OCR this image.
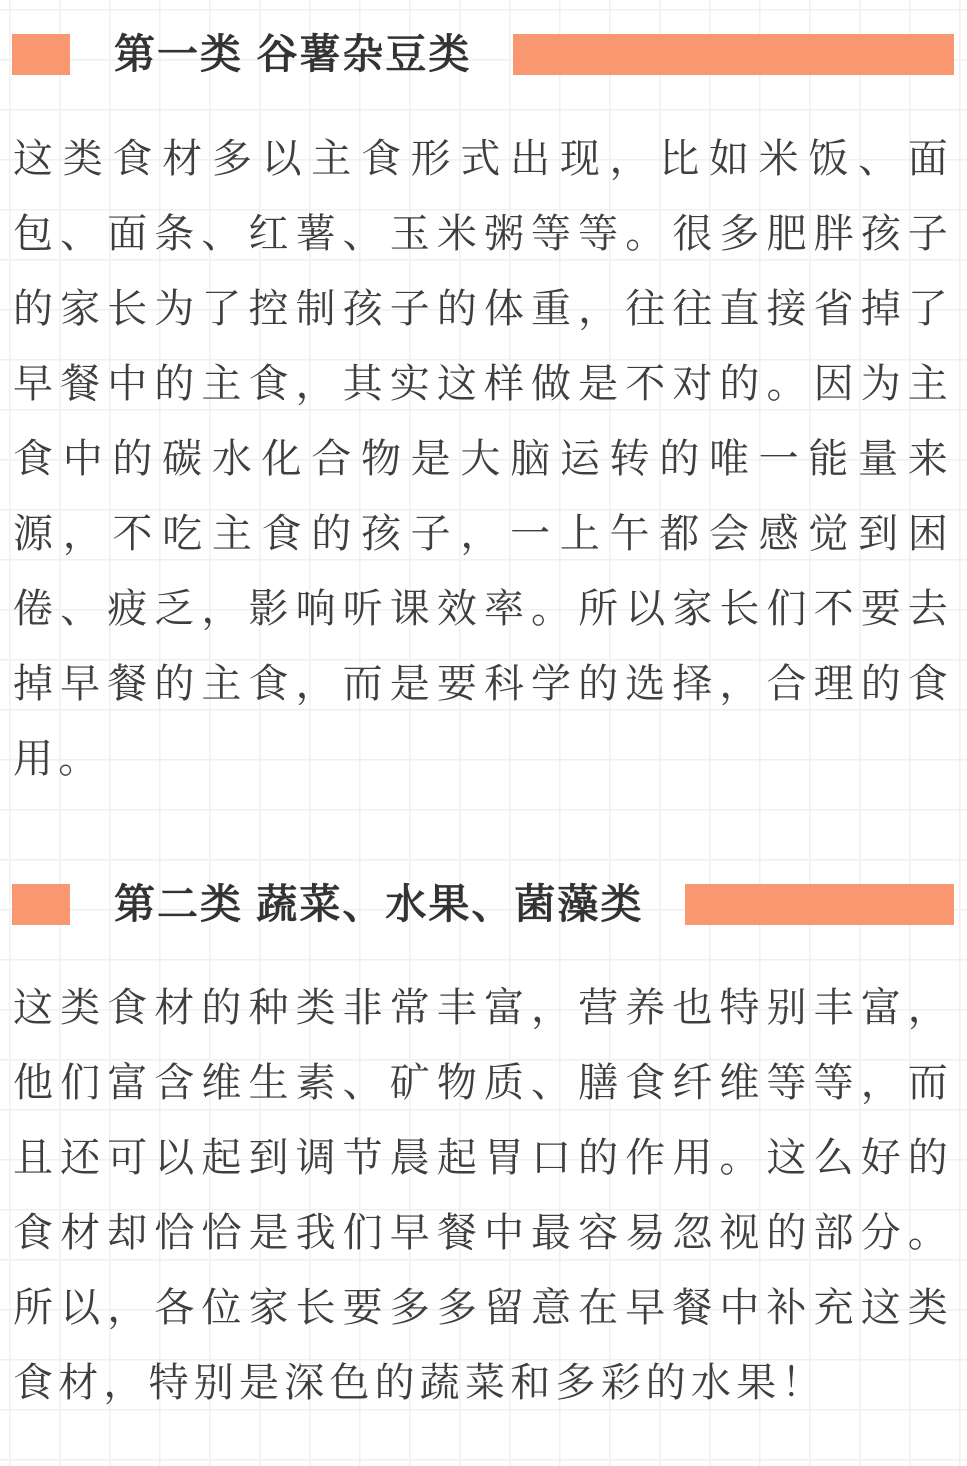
第一类 谷薯杂豆类
这类食材多以主食形式出现，比如米饭、面包、面条、红薯、玉米粥等等。很多肥胖孩子的家长为了控制孩子的体重，往往直接省掉了早餐中的主食，其实这样做是不对的。因为主食中的碳水化合物是大脑运转的唯一能量来源，不吃主食的孩子，一上午都会感觉到困倦、疲乏，影响听课效率。所以家长们不要去掉早餐的主食，而是要科学的选择，合理的食用。
第二类 蔬菜、水果、菌藻类
这类食材的种类非常丰富，营养也特别丰富，他们富含维生素、矿物质、膳食纤维等等，而且还可以起到调节晨起胃口的作用。这么好的食材却恰恰是我们早餐中最容易忽视的部分。所以，各位家长要多多留意在早餐中补充这类食材，特别是深色的蔬菜和多彩的水果！
